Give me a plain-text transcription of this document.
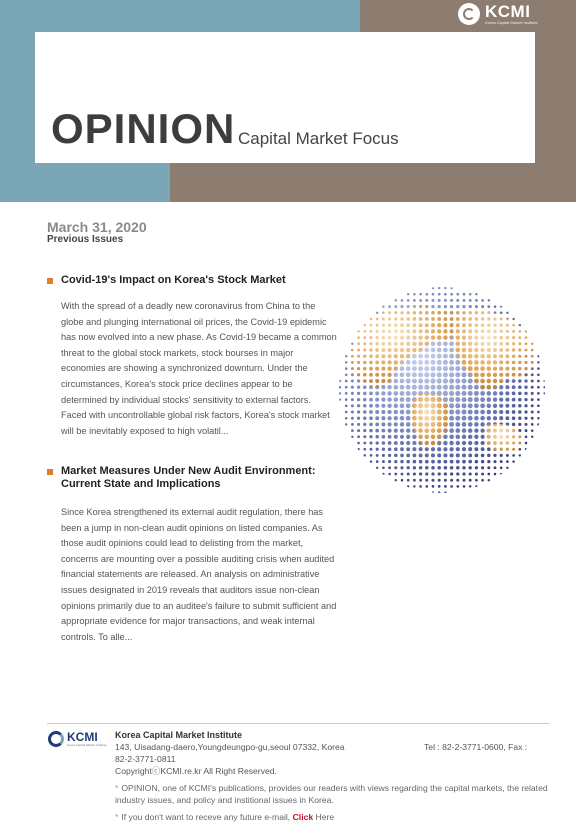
KCMI
Korea Capital Market Institute
OPINION Capital Market Focus
March 31, 2020
Previous Issues
Covid-19's Impact on Korea's Stock Market

With the spread of a deadly new coronavirus from China to the globe and plunging international oil prices, the Covid-19 epidemic has now evolved into a new phase. As Covid-19 became a common threat to the global stock markets, stock bourses in major economies are showing a synchronized downturn. Under the circumstances, Korea's stock price declines appear to be determined by individual stocks' sensitivity to external factors. Faced with uncontrollable global risk factors, Korea's stock market will be inevitably exposed to high volatil...

Market Measures Under New Audit Environment: Current State and Implications

Since Korea strengthened its external audit regulation, there has been a jump in non-clean audit opinions on listed companies. As those audit opinions could lead to delisting from the market, concerns are mounting over a possible auditing crisis when audited financial statements are released. An analysis on administrative issues designated in 2019 reveals that auditors issue non-clean opinions primarily due to an auditee's failure to submit sufficient and appropriate evidence for major transactions, and weak internal controls. To alle...

KCMI
Korea Capital Market Institute
Korea Capital Market Institute
143, Uisadang-daero,Youngdeungpo-gu,seoul 07332, Korea
82-2-3771-0811
Tel : 82-2-3771-0600, Fax :
CopyrightⓒKCMI.re.kr All Right Reserved.
* OPINION, one of KCMI's publications, provides our readers with views regarding the capital markets, the related industry issues, and policy and institional issues in Korea.
* If you don't want to receve any future e-mail, Click Here
